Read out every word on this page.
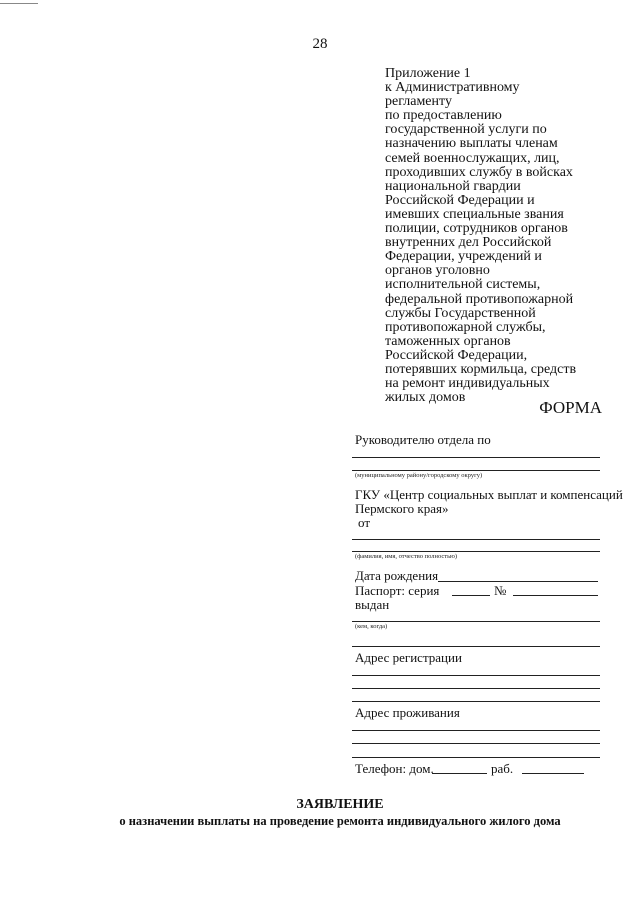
28
Приложение 1
к Административному
регламенту
по предоставлению
государственной услуги по
назначению выплаты членам
семей военнослужащих, лиц,
проходивших службу в войсках
национальной гвардии
Российской Федерации и
имевших специальные звания
полиции, сотрудников органов
внутренних дел Российской
Федерации, учреждений и
органов уголовно
исполнительной системы,
федеральной противопожарной
службы Государственной
противопожарной службы,
таможенных органов
Российской Федерации,
потерявших кормильца, средств
на ремонт индивидуальных
жилых домов
ФОРМА
Руководителю отдела по
(муниципальному району/городскому округу)
ГКУ «Центр социальных выплат и компенсаций
Пермского края»
от
(фамилия, имя, отчество полностью)
Дата рождения
Паспорт: серия	№
выдан
(кем, когда)
Адрес регистрации
Адрес проживания
Телефон: дом.	раб.
ЗАЯВЛЕНИЕ
о назначении выплаты на проведение ремонта индивидуального жилого дома
